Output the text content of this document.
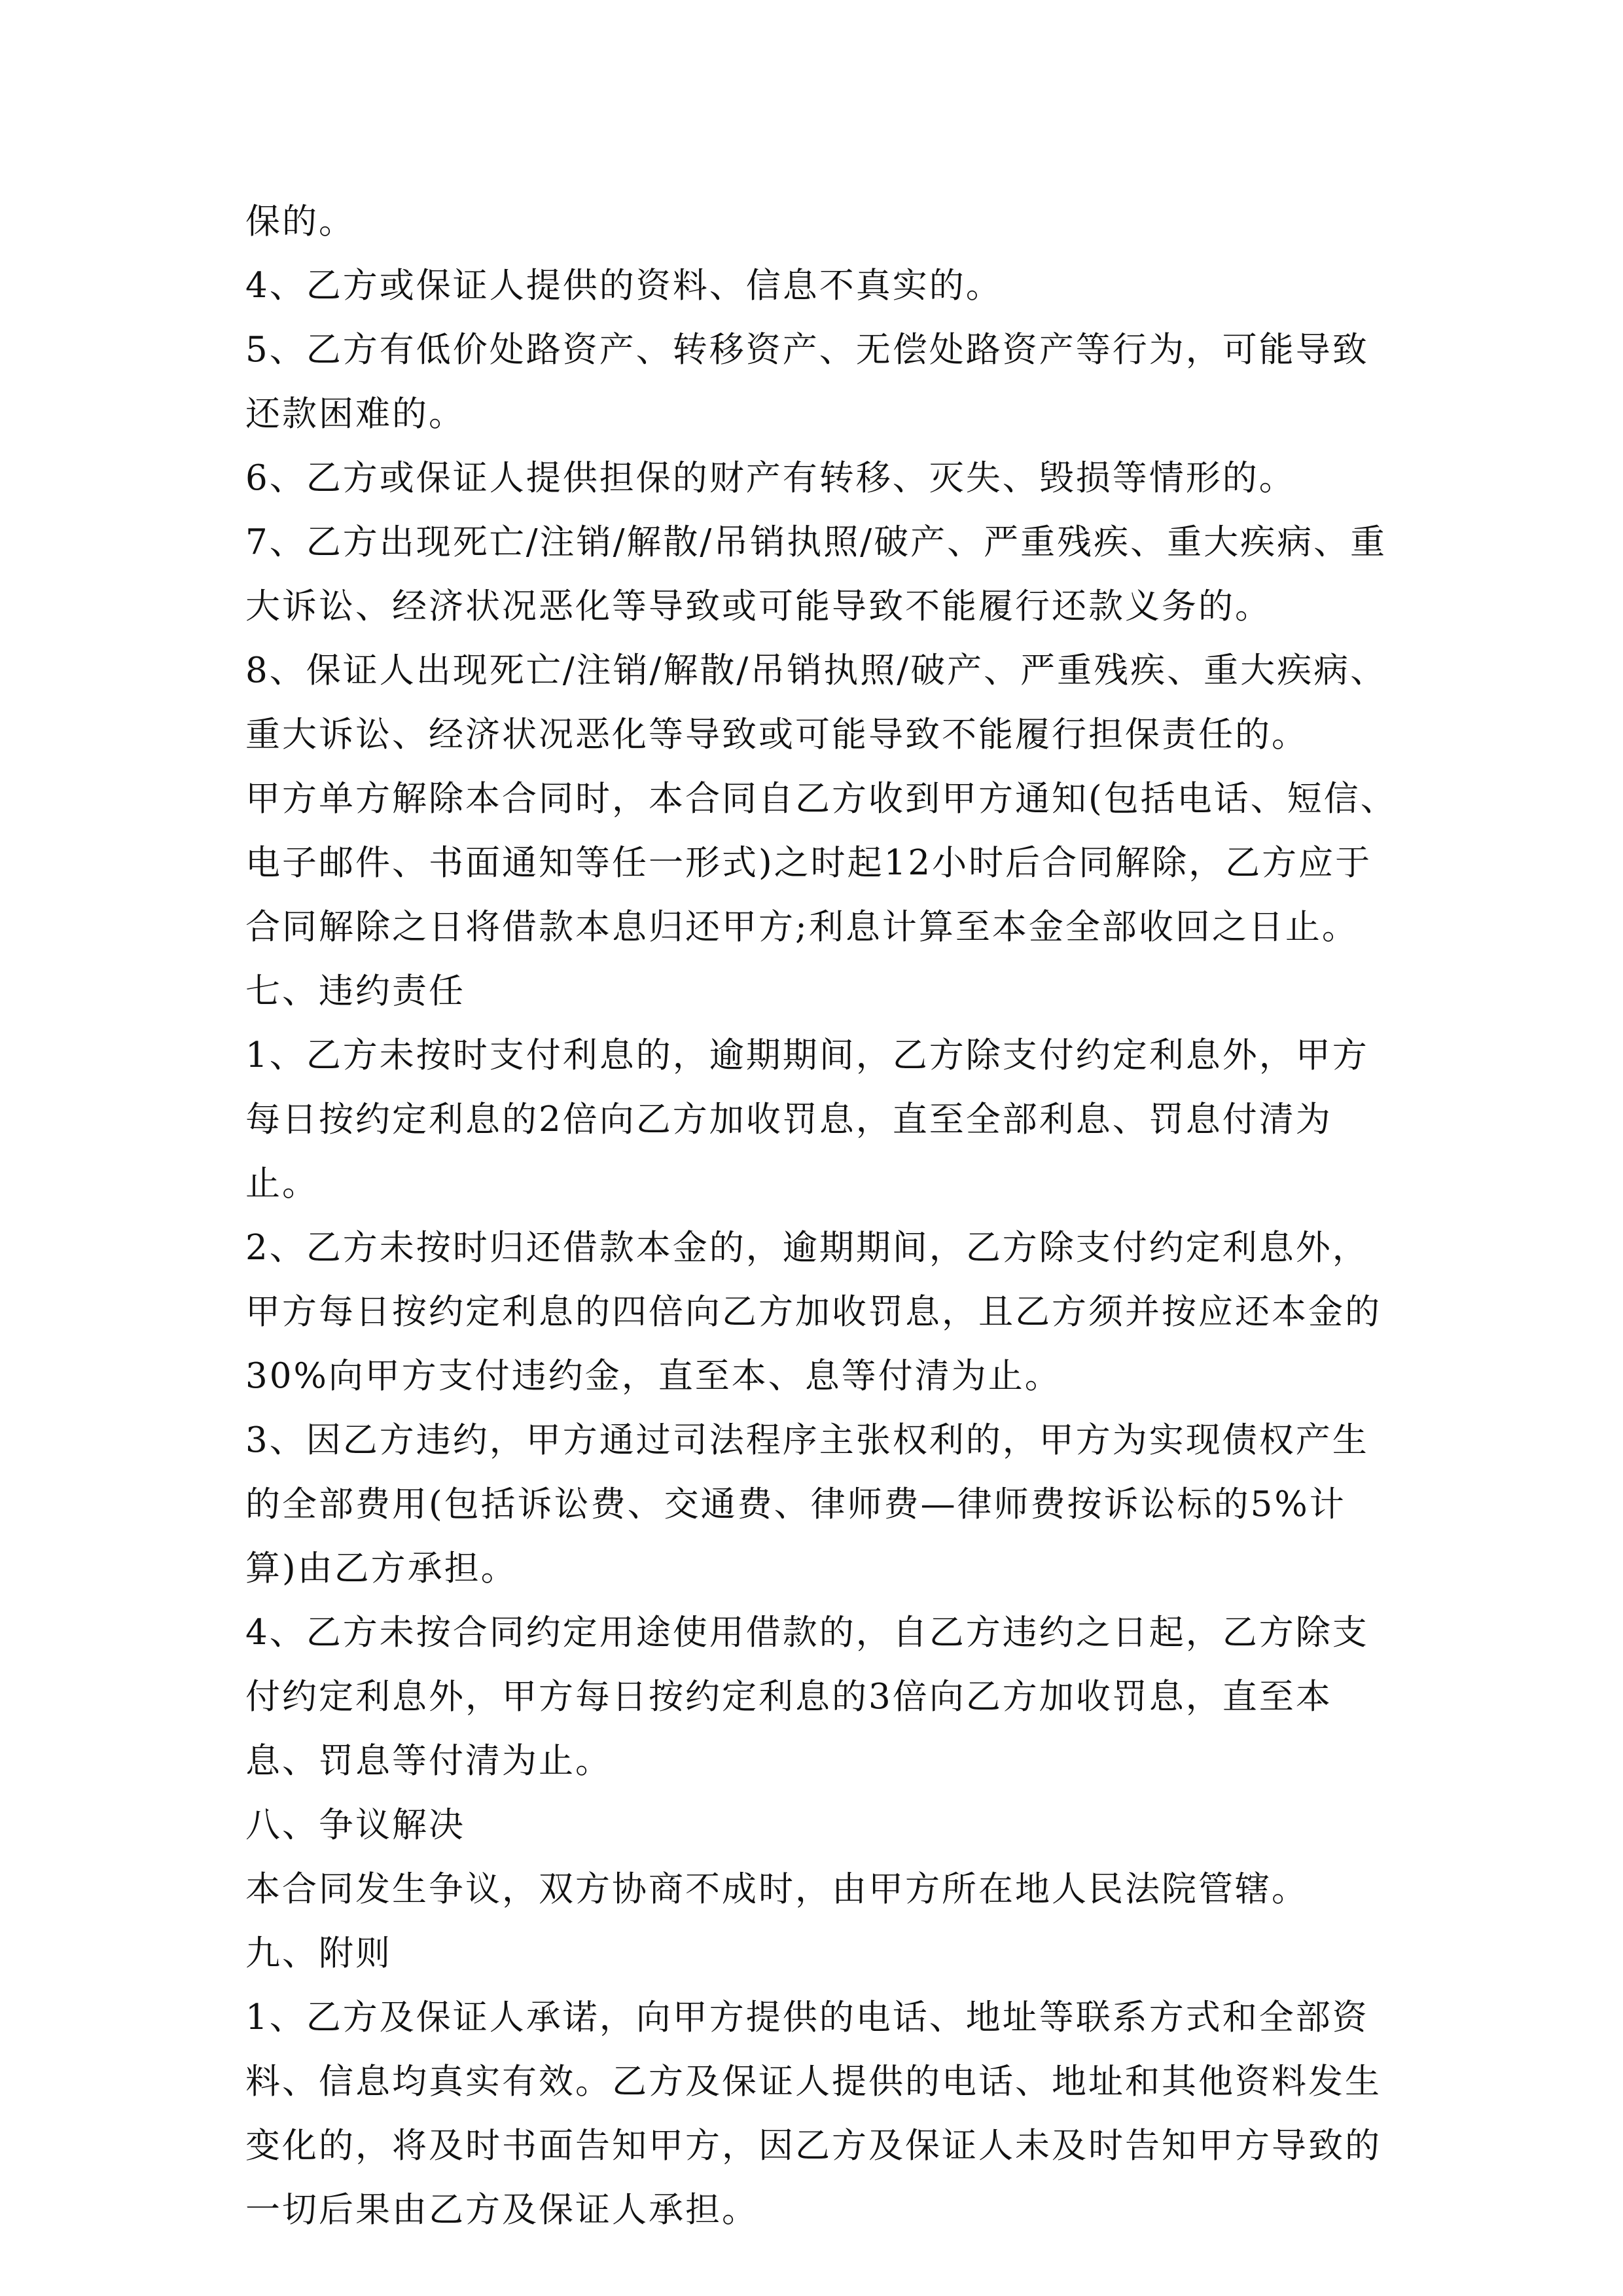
保的。

4、乙方或保证人提供的资料、信息不真实的。

5、乙方有低价处路资产、转移资产、无偿处路资产等行为，可能导致还款困难的。

6、乙方或保证人提供担保的财产有转移、灭失、毁损等情形的。

7、乙方出现死亡/注销/解散/吊销执照/破产、严重残疾、重大疾病、重大诉讼、经济状况恶化等导致或可能导致不能履行还款义务的。

8、保证人出现死亡/注销/解散/吊销执照/破产、严重残疾、重大疾病、重大诉讼、经济状况恶化等导致或可能导致不能履行担保责任的。

甲方单方解除本合同时，本合同自乙方收到甲方通知(包括电话、短信、电子邮件、书面通知等任一形式)之时起12小时后合同解除，乙方应于合同解除之日将借款本息归还甲方;利息计算至本金全部收回之日止。

七、违约责任

1、乙方未按时支付利息的，逾期期间，乙方除支付约定利息外，甲方每日按约定利息的2倍向乙方加收罚息，直至全部利息、罚息付清为止。

2、乙方未按时归还借款本金的，逾期期间，乙方除支付约定利息外，甲方每日按约定利息的四倍向乙方加收罚息，且乙方须并按应还本金的30%向甲方支付违约金，直至本、息等付清为止。

3、因乙方违约，甲方通过司法程序主张权利的，甲方为实现债权产生的全部费用(包括诉讼费、交通费、律师费—律师费按诉讼标的5%计算)由乙方承担。

4、乙方未按合同约定用途使用借款的，自乙方违约之日起，乙方除支付约定利息外，甲方每日按约定利息的3倍向乙方加收罚息，直至本息、罚息等付清为止。

八、争议解决

本合同发生争议，双方协商不成时，由甲方所在地人民法院管辖。

九、附则

1、乙方及保证人承诺，向甲方提供的电话、地址等联系方式和全部资料、信息均真实有效。乙方及保证人提供的电话、地址和其他资料发生变化的，将及时书面告知甲方，因乙方及保证人未及时告知甲方导致的一切后果由乙方及保证人承担。
